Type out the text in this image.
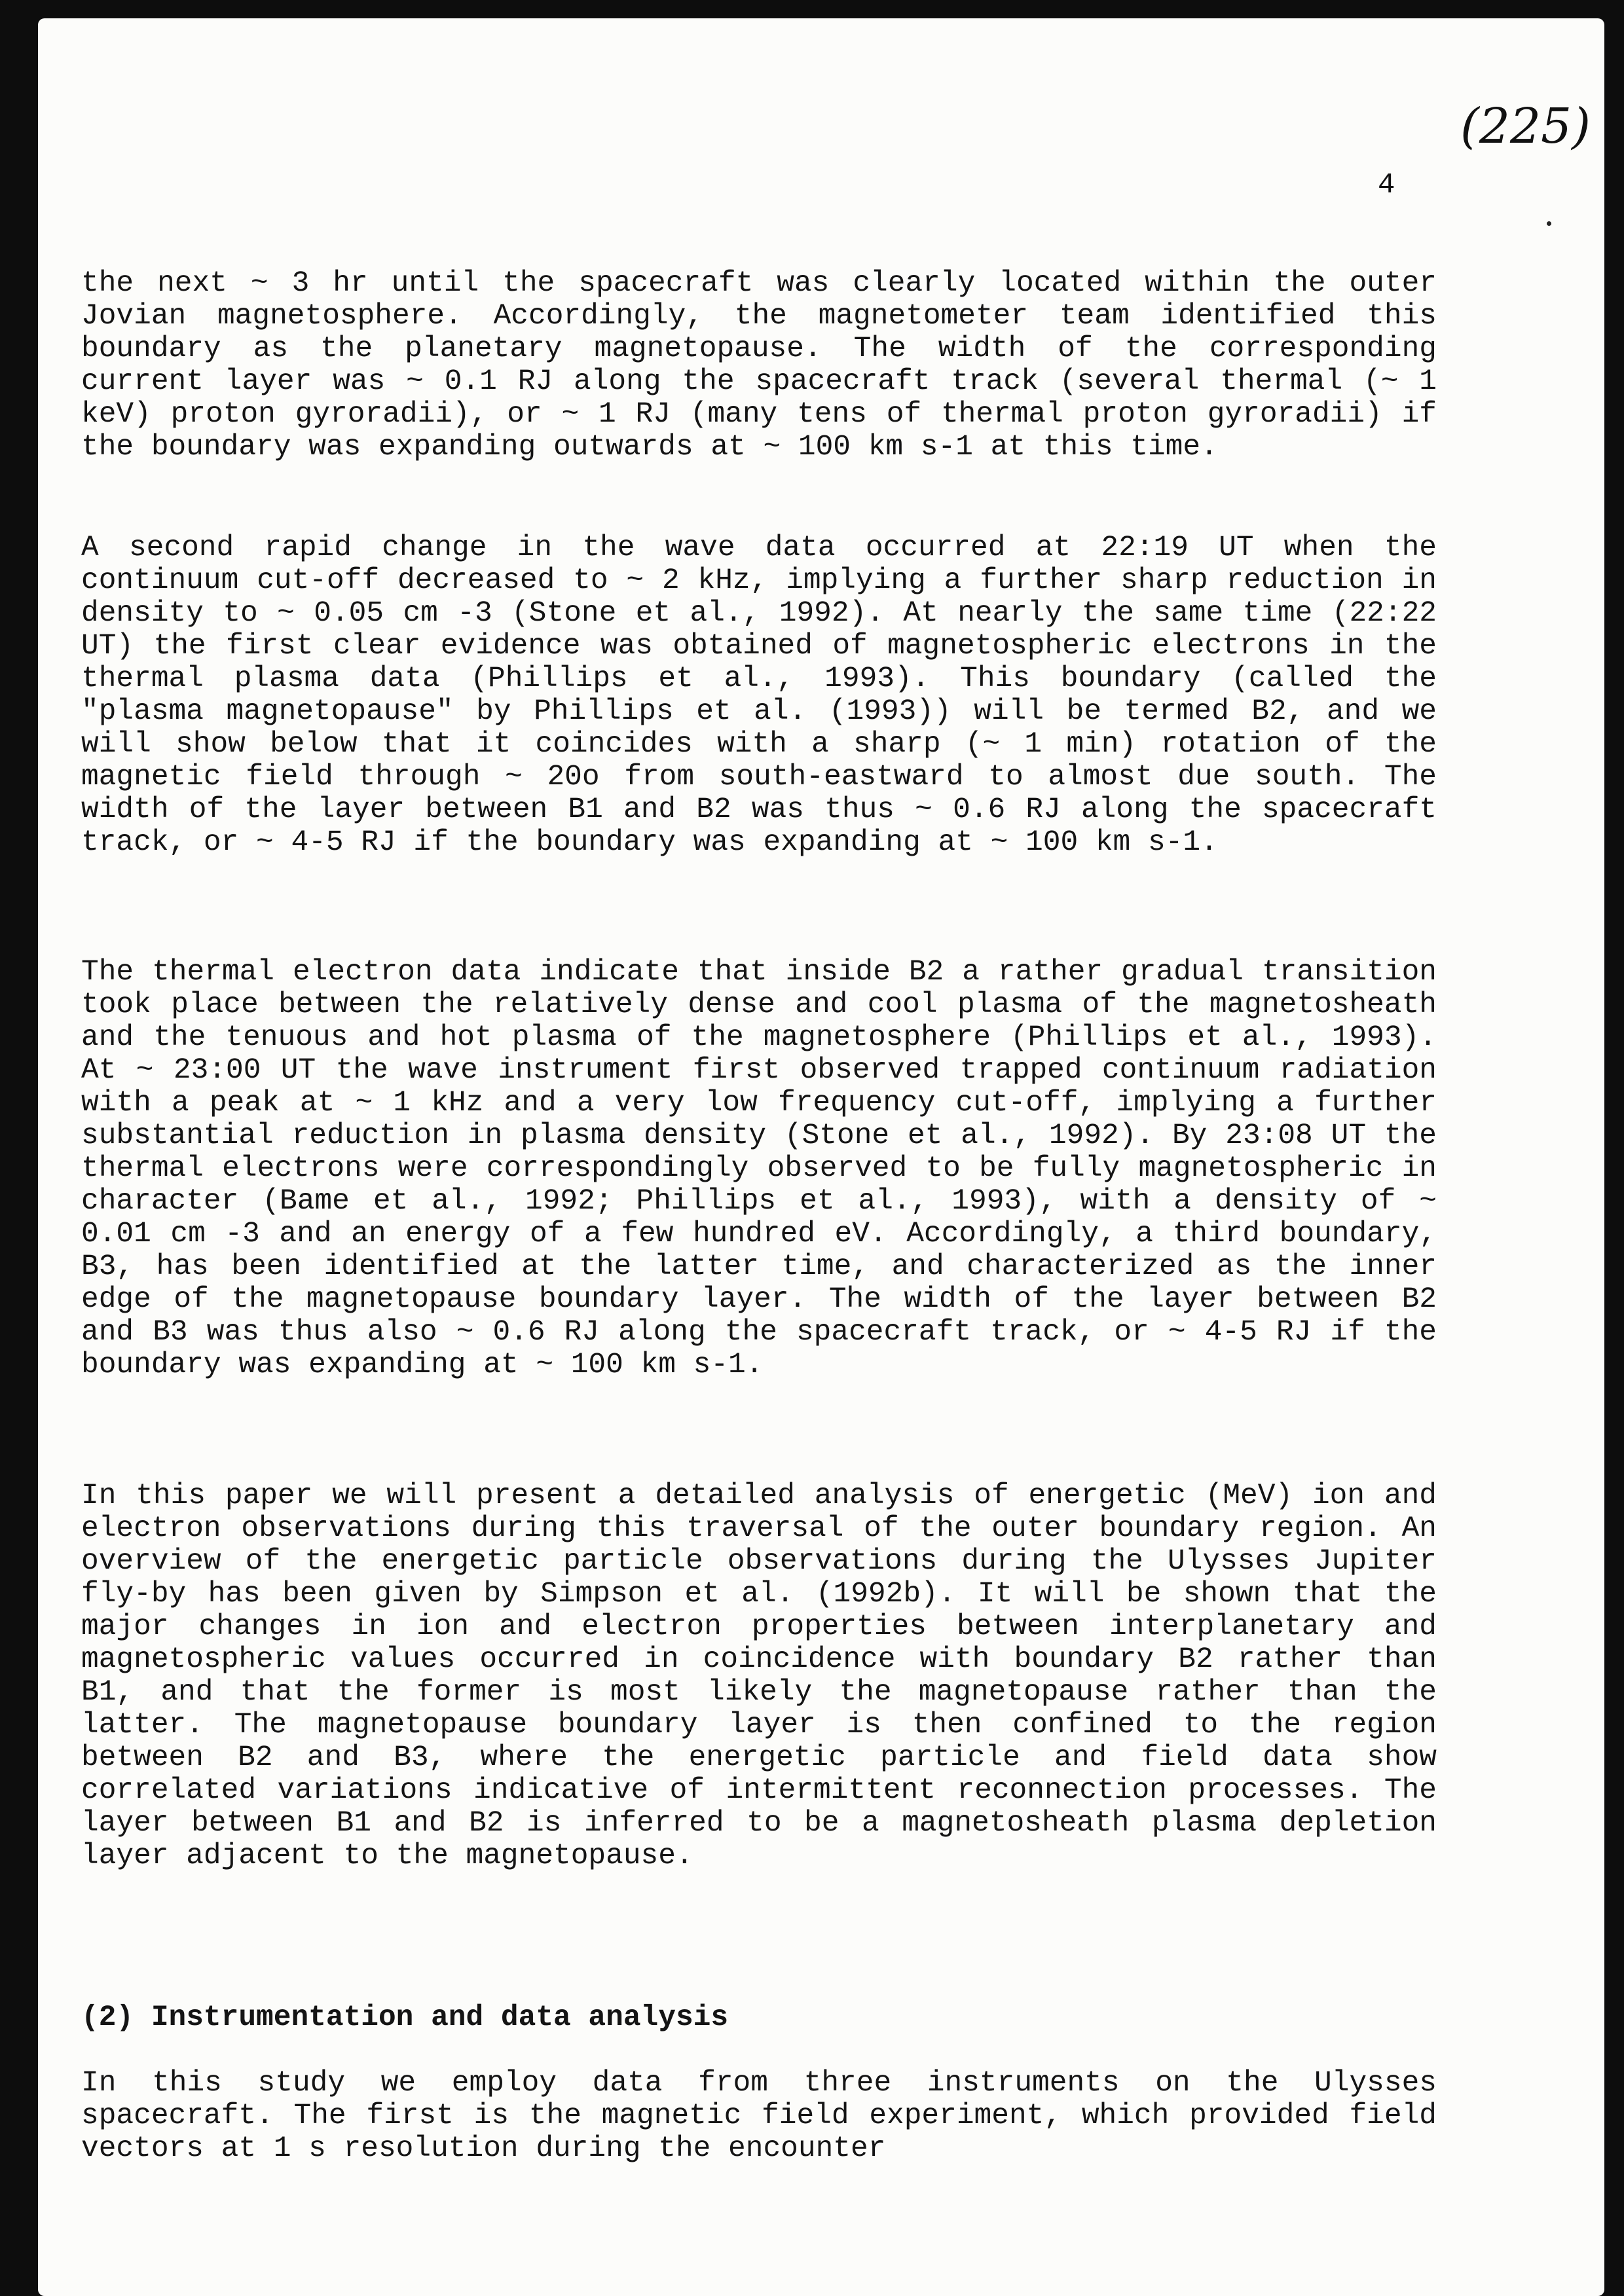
(225)
4

the next ~ 3 hr until the spacecraft was clearly located within the outer Jovian magnetosphere. Accordingly, the magnetometer team identified this boundary as the planetary magnetopause. The width of the corresponding current layer was ~ 0.1 RJ along the spacecraft track (several thermal (~ 1 keV) proton gyroradii), or ~ 1 RJ (many tens of thermal proton gyroradii) if the boundary was expanding outwards at ~ 100 km s-1 at this time.

A second rapid change in the wave data occurred at 22:19 UT when the continuum cut-off decreased to ~ 2 kHz, implying a further sharp reduction in density to ~ 0.05 cm -3 (Stone et al., 1992). At nearly the same time (22:22 UT) the first clear evidence was obtained of magnetospheric electrons in the thermal plasma data (Phillips et al., 1993). This boundary (called the "plasma magnetopause" by Phillips et al. (1993)) will be termed B2, and we will show below that it coincides with a sharp (~ 1 min) rotation of the magnetic field through ~ 20o from south-eastward to almost due south. The width of the layer between B1 and B2 was thus ~ 0.6 RJ along the spacecraft track, or ~ 4-5 RJ if the boundary was expanding at ~ 100 km s-1.

The thermal electron data indicate that inside B2 a rather gradual transition took place between the relatively dense and cool plasma of the magnetosheath and the tenuous and hot plasma of the magnetosphere (Phillips et al., 1993). At ~ 23:00 UT the wave instrument first observed trapped continuum radiation with a peak at ~ 1 kHz and a very low frequency cut-off, implying a further substantial reduction in plasma density (Stone et al., 1992). By 23:08 UT the thermal electrons were correspondingly observed to be fully magnetospheric in character (Bame et al., 1992; Phillips et al., 1993), with a density of ~ 0.01 cm -3 and an energy of a few hundred eV. Accordingly, a third boundary, B3, has been identified at the latter time, and characterized as the inner edge of the magnetopause boundary layer. The width of the layer between B2 and B3 was thus also ~ 0.6 RJ along the spacecraft track, or ~ 4-5 RJ if the boundary was expanding at ~ 100 km s-1.

In this paper we will present a detailed analysis of energetic (MeV) ion and electron observations during this traversal of the outer boundary region. An overview of the energetic particle observations during the Ulysses Jupiter fly-by has been given by Simpson et al. (1992b). It will be shown that the major changes in ion and electron properties between interplanetary and magnetospheric values occurred in coincidence with boundary B2 rather than B1, and that the former is most likely the magnetopause rather than the latter. The magnetopause boundary layer is then confined to the region between B2 and B3, where the energetic particle and field data show correlated variations indicative of intermittent reconnection processes. The layer between B1 and B2 is inferred to be a magnetosheath plasma depletion layer adjacent to the magnetopause.

(2) Instrumentation and data analysis

In this study we employ data from three instruments on the Ulysses spacecraft. The first is the magnetic field experiment, which provided field vectors at 1 s resolution during the encounter
